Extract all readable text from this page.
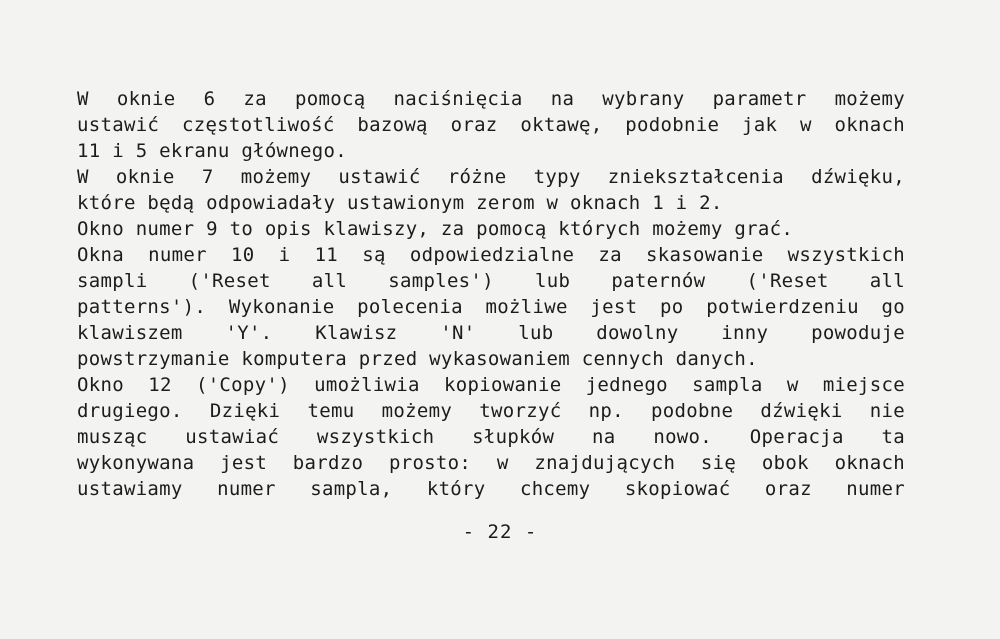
W oknie 6 za pomocą naciśnięcia na wybrany parametr możemy
ustawić częstotliwość bazową oraz oktawę, podobnie jak w oknach
11 i 5 ekranu głównego.
W oknie 7 możemy ustawić różne typy zniekształcenia dźwięku,
które będą odpowiadały ustawionym zerom w oknach 1 i 2.
Okno numer 9 to opis klawiszy, za pomocą których możemy grać.
Okna numer 10 i 11 są odpowiedzialne za skasowanie wszystkich
sampli ('Reset all samples') lub paternów ('Reset all
patterns'). Wykonanie polecenia możliwe jest po potwierdzeniu go
klawiszem 'Y'. Klawisz 'N' lub dowolny inny powoduje
powstrzymanie komputera przed wykasowaniem cennych danych.
Okno 12 ('Copy') umożliwia kopiowanie jednego sampla w miejsce
drugiego. Dzięki temu możemy tworzyć np. podobne dźwięki nie
musząc ustawiać wszystkich słupków na nowo. Operacja ta
wykonywana jest bardzo prosto: w znajdujących się obok oknach
ustawiamy numer sampla, który chcemy skopiować oraz numer
- 22 -
